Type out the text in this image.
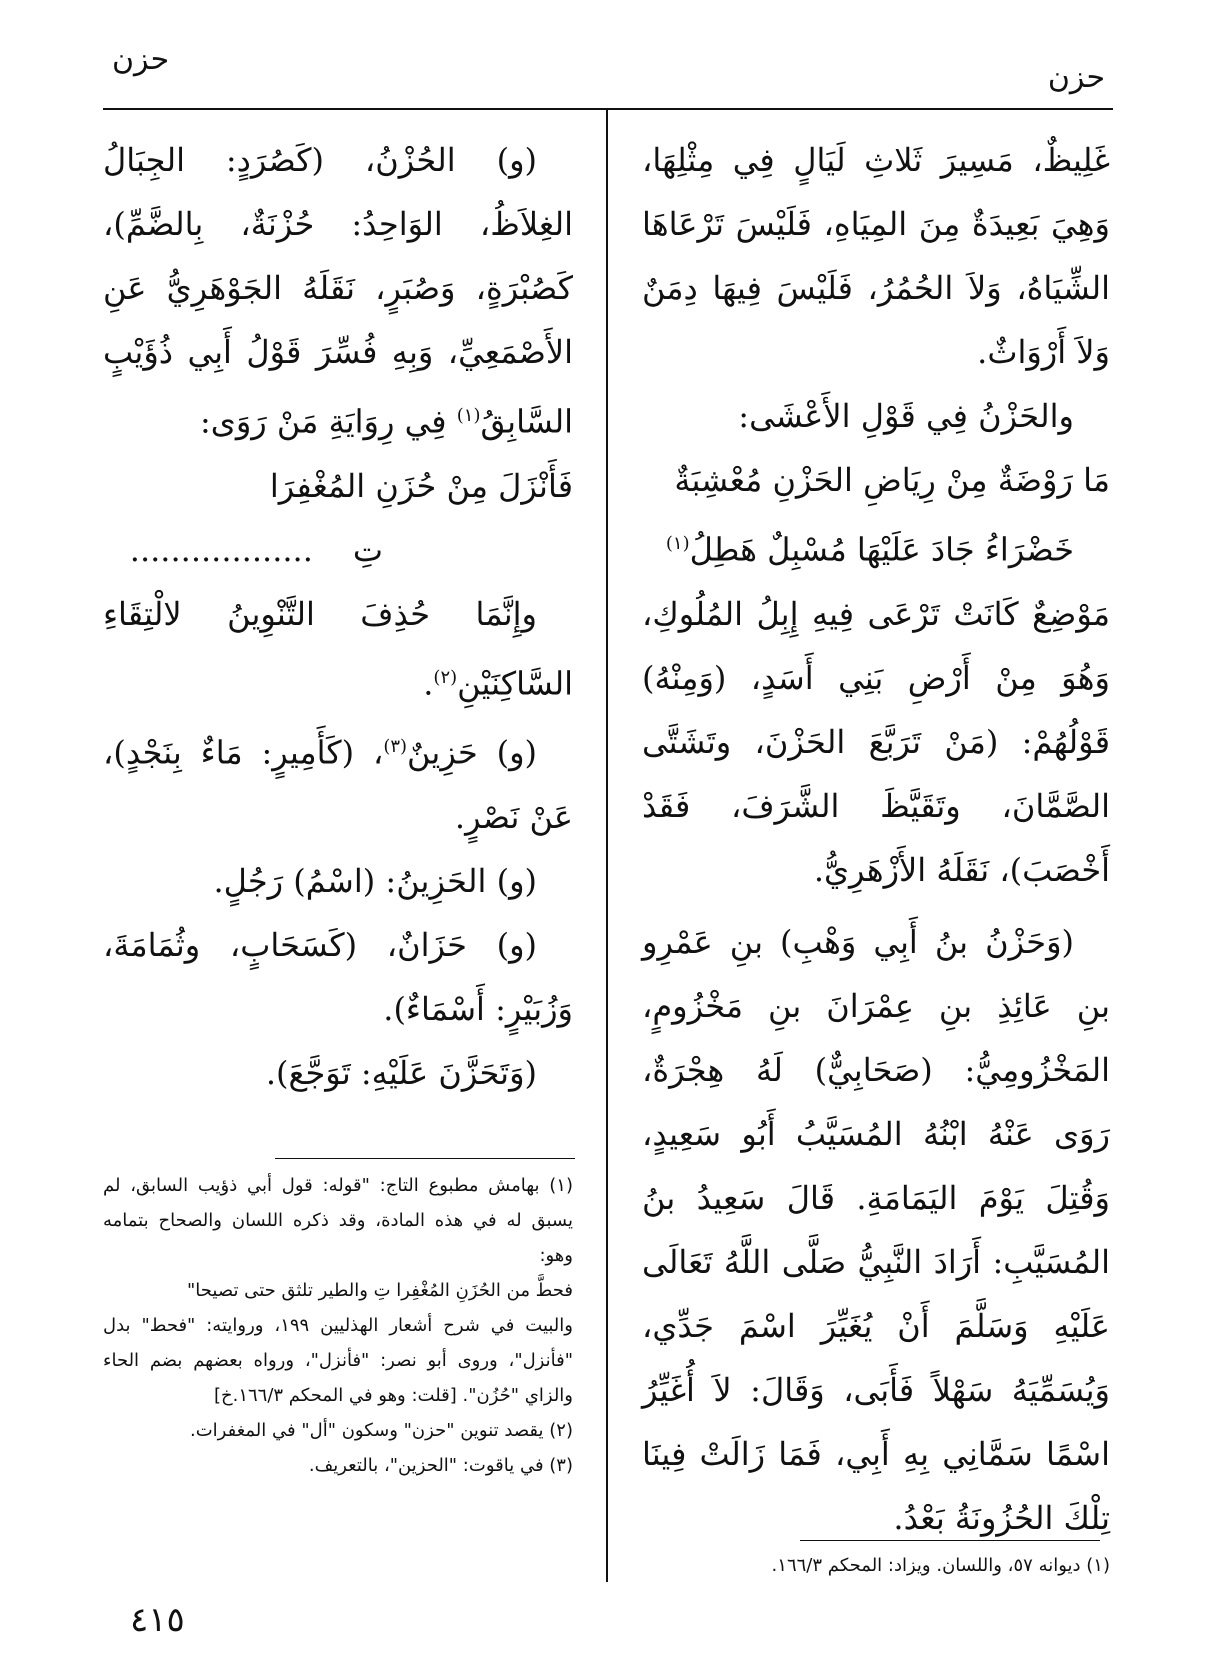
حزن
حزن

غَلِيظٌ، مَسِيرَ ثَلاثِ لَيَالٍ فِي مِثْلِهَا، وَهِيَ بَعِيدَةٌ مِنَ المِيَاهِ، فَلَيْسَ تَرْعَاهَا الشِّيَاهُ، وَلاَ الحُمُرُ، فَلَيْسَ فِيهَا دِمَنٌ وَلاَ أَرْوَاثٌ.

والحَزْنُ فِي قَوْلِ الأَعْشَى:

مَا رَوْضَةٌ مِنْ رِيَاضِ الحَزْنِ مُعْشِبَةٌ

خَضْرَاءُ جَادَ عَلَيْهَا مُسْبِلٌ هَطِلُ$^{(١)}$

مَوْضِعٌ كَانَتْ تَرْعَى فِيهِ إِبِلُ المُلُوكِ، وَهُوَ مِنْ أَرْضِ بَنِي أَسَدٍ، (وَمِنْهُ) قَوْلُهُمْ: (مَنْ تَرَبَّعَ الحَزْنَ، وتَشَتَّى الصَّمَّانَ، وتَقَيَّظَ الشَّرَفَ، فَقَدْ أَخْصَبَ)، نَقَلَهُ الأَزْهَرِيُّ.

(وَحَزْنُ بنُ أَبِي وَهْبِ) بنِ عَمْرِو بنِ عَائِذِ بنِ عِمْرَانَ بنِ مَخْزُومٍ، المَخْزُومِيُّ: (صَحَابِيٌّ) لَهُ هِجْرَةٌ، رَوَى عَنْهُ ابْنُهُ المُسَيَّبُ أَبُو سَعِيدٍ، وَقُتِلَ يَوْمَ اليَمَامَةِ. قَالَ سَعِيدُ بنُ المُسَيَّبِ: أَرَادَ النَّبِيُّ صَلَّى اللَّهُ تَعَالَى عَلَيْهِ وَسَلَّمَ أَنْ يُغَيِّرَ اسْمَ جَدِّي، وَيُسَمِّيَهُ سَهْلاً فَأَبَى، وَقَالَ: لاَ أُغَيِّرُ اسْمًا سَمَّانِي بِهِ أَبِي، فَمَا زَالَتْ فِينَا تِلْكَ الحُزُونَةُ بَعْدُ.

(و) الحُزْنُ، (كَصُرَدٍ: الجِبَالُ الغِلاَظُ، الوَاحِدُ: حُزْنَةٌ، بِالضَّمِّ)، كَصُبْرَةٍ، وَصُبَرٍ، نَقَلَهُ الجَوْهَرِيُّ عَنِ الأَصْمَعِيِّ، وَبِهِ فُسِّرَ قَوْلُ أَبِي ذُؤَيْبٍ السَّابِقُ$^{(١)}$ فِي رِوَايَةِ مَنْ رَوَى:

فَأَنْزَلَ مِنْ حُزَنِ المُغْفِرَا

تِ..................

وإِنَّمَا حُذِفَ التَّنْوِينُ لالْتِقَاءِ السَّاكِنَيْنِ$^{(٢)}$.

(و) حَزِينٌ$^{(٣)}$، (كَأَمِيرٍ: مَاءٌ بِنَجْدٍ)، عَنْ نَصْرٍ.

(و) الحَزِينُ: (اسْمُ) رَجُلٍ.

(و) حَزَانٌ، (كَسَحَابٍ، وثُمَامَةَ، وَزُبَيْرٍ: أَسْمَاءٌ).

(وَتَحَزَّنَ عَلَيْهِ: تَوَجَّعَ).

(١) بهامش مطبوع التاج: "قوله: قول أبي ذؤيب السابق، لم يسبق له في هذه المادة، وقد ذكره اللسان والصحاح بتمامه وهو:

فحطَّ من الحُزَنِ المُغْفِرا تِ والطير تلثق حتى تصيحا"

والبيت في شرح أشعار الهذليين ١٩٩، وروايته: "فحط" بدل "فأنزل"، وروى أبو نصر: "فأنزل"، ورواه بعضهم بضم الحاء والزاي "حُزُن". [قلت: وهو في المحكم ١٦٦/٣.خ]

(٢) يقصد تنوين "حزن" وسكون "أل" في المغفرات.

(٣) في ياقوت: "الحزين"، بالتعريف.

(١) ديوانه ٥٧، واللسان. ويزاد: المحكم ١٦٦/٣.

٤١٥
